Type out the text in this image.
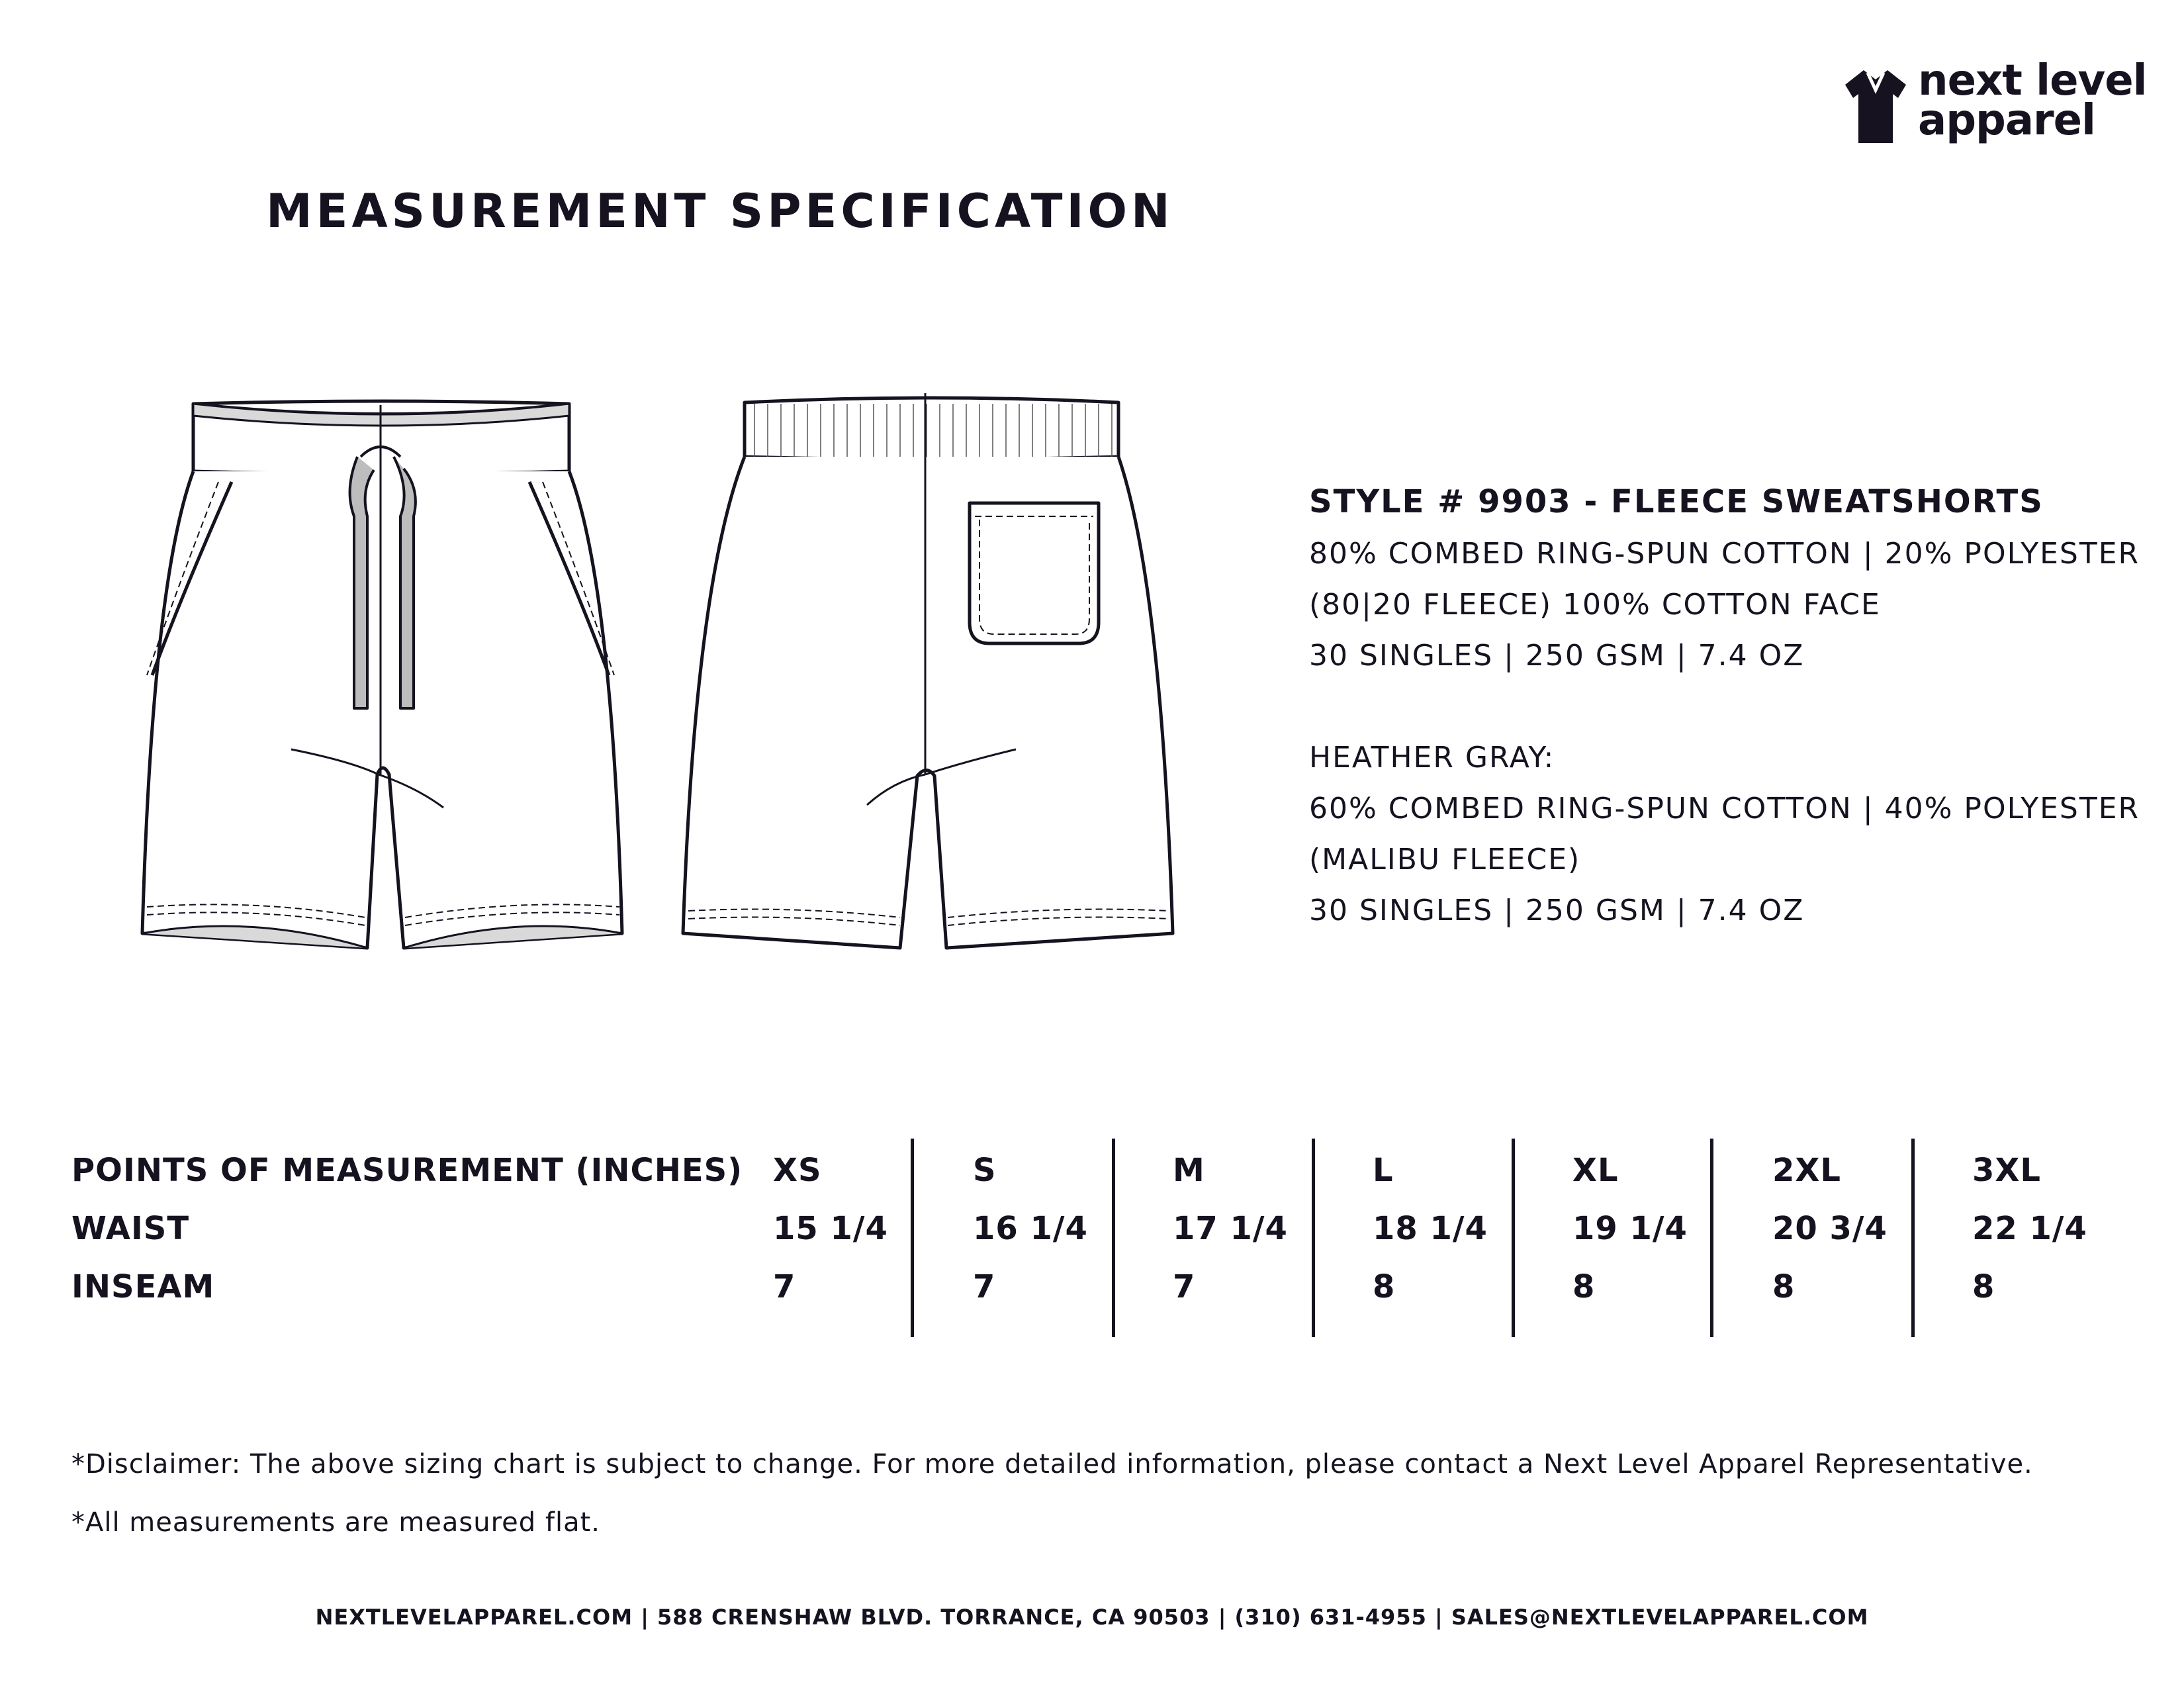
next level
apparel
MEASUREMENT SPECIFICATION
STYLE # 9903 - FLEECE SWEATSHORTS
80% COMBED RING-SPUN COTTON | 20% POLYESTER
(80|20 FLEECE) 100% COTTON FACE
30 SINGLES | 250 GSM | 7.4 OZ
HEATHER GRAY:
60% COMBED RING-SPUN COTTON | 40% POLYESTER
(MALIBU FLEECE)
30 SINGLES | 250 GSM | 7.4 OZ
POINTS OF MEASUREMENT (INCHES)
WAIST
INSEAM
XS
15 1/4
7
S
16 1/4
7
M
17 1/4
7
L
18 1/4
8
XL
19 1/4
8
2XL
20 3/4
8
3XL
22 1/4
8
*Disclaimer: The above sizing chart is subject to change. For more detailed information, please contact a Next Level Apparel Representative.
*All measurements are measured flat.
NEXTLEVELAPPAREL.COM | 588 CRENSHAW BLVD. TORRANCE, CA 90503 | (310) 631-4955 | SALES@NEXTLEVELAPPAREL.COM
